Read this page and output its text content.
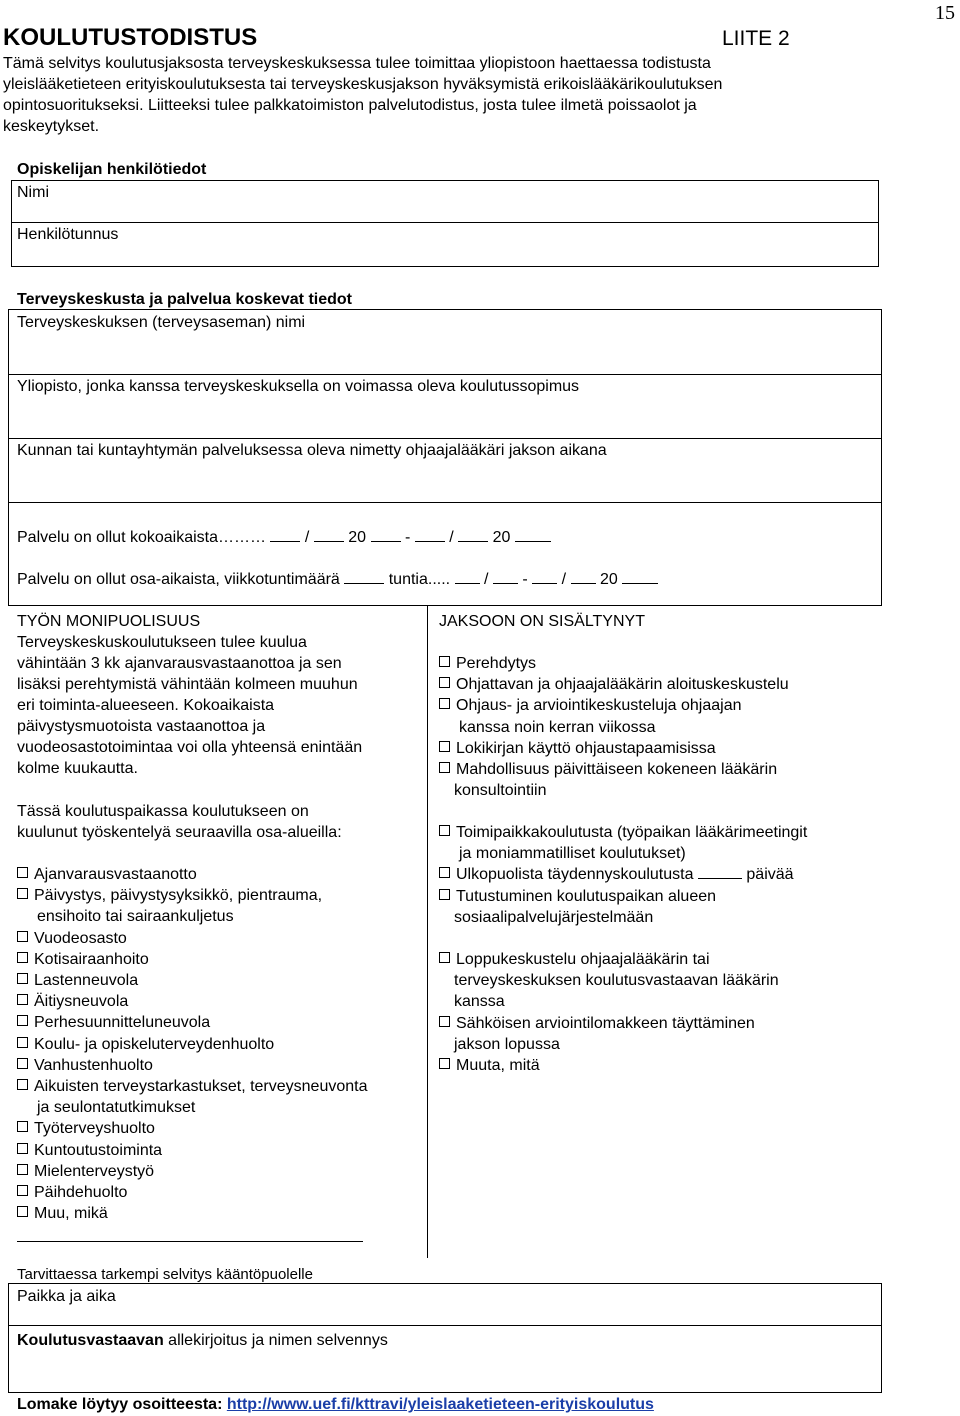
15
KOULUTUSTODISTUS	LIITE 2
Tämä selvitys koulutusjaksosta terveyskeskuksessa tulee toimittaa yliopistoon haettaessa todistusta
yleislääketieteen erityiskoulutuksesta tai terveyskeskusjakson hyväksymistä erikoislääkärikoulutuksen
opintosuoritukseksi. Liitteeksi tulee palkkatoimiston palvelutodistus, josta tulee ilmetä poissaolot ja
keskeytykset.
Opiskelijan henkilötiedot
Nimi
Henkilötunnus
Terveyskeskusta ja palvelua koskevat tiedot
Terveyskeskuksen (terveysaseman) nimi
Yliopisto, jonka kanssa terveyskeskuksella on voimassa oleva koulutussopimus
Kunnan tai kuntayhtymän palveluksessa oleva nimetty ohjaajalääkäri jakson aikana
Palvelu on ollut kokoaikaista……… / 20 - / 20
Palvelu on ollut osa-aikaista, viikkotuntimäärä	tuntia..... / - / 20
TYÖN MONIPUOLISUUS
Terveyskeskuskoulutukseen tulee kuulua
vähintään 3 kk ajanvarausvastaanottoa ja sen
lisäksi perehtymistä vähintään kolmeen muuhun
eri toiminta-alueeseen. Kokoaikaista
päivystysmuotoista vastaanottoa ja
vuodeosastotoimintaa voi olla yhteensä enintään
kolme kuukautta.
Tässä koulutuspaikassa koulutukseen on
kuulunut työskentelyä seuraavilla osa-alueilla:
Ajanvarausvastaanotto
Päivystys, päivystysyksikkö, pientrauma,
ensihoito tai sairaankuljetus
Vuodeosasto
Kotisairaanhoito
Lastenneuvola
Äitiysneuvola
Perhesuunnitteluneuvola
Koulu- ja opiskeluterveydenhuolto
Vanhustenhuolto
Aikuisten terveystarkastukset, terveysneuvonta
ja seulontatutkimukset
Työterveyshuolto
Kuntoutustoiminta
Mielenterveystyö
Päihdehuolto
Muu, mikä
JAKSOON ON SISÄLTYNYT
Perehdytys
Ohjattavan ja ohjaajalääkärin aloituskeskustelu
Ohjaus- ja arviointikeskusteluja ohjaajan
kanssa noin kerran viikossa
Lokikirjan käyttö ohjaustapaamisissa
Mahdollisuus päivittäiseen kokeneen lääkärin
konsultointiin
Toimipaikkakoulutusta (työpaikan lääkärimeetingit
ja moniammatilliset koulutukset)
Ulkopuolista täydennyskoulutusta	päivää
Tutustuminen koulutuspaikan alueen
sosiaalipalvelujärjestelmään
Loppukeskustelu ohjaajalääkärin tai
terveyskeskuksen koulutusvastaavan lääkärin
kanssa
Sähköisen arviointilomakkeen täyttäminen
jakson lopussa
Muuta, mitä
Tarvittaessa tarkempi selvitys kääntöpuolelle
Paikka ja aika
Koulutusvastaavan allekirjoitus ja nimen selvennys
Lomake löytyy osoitteesta: http://www.uef.fi/kttravi/yleislaaketieteen-erityiskoulutus
